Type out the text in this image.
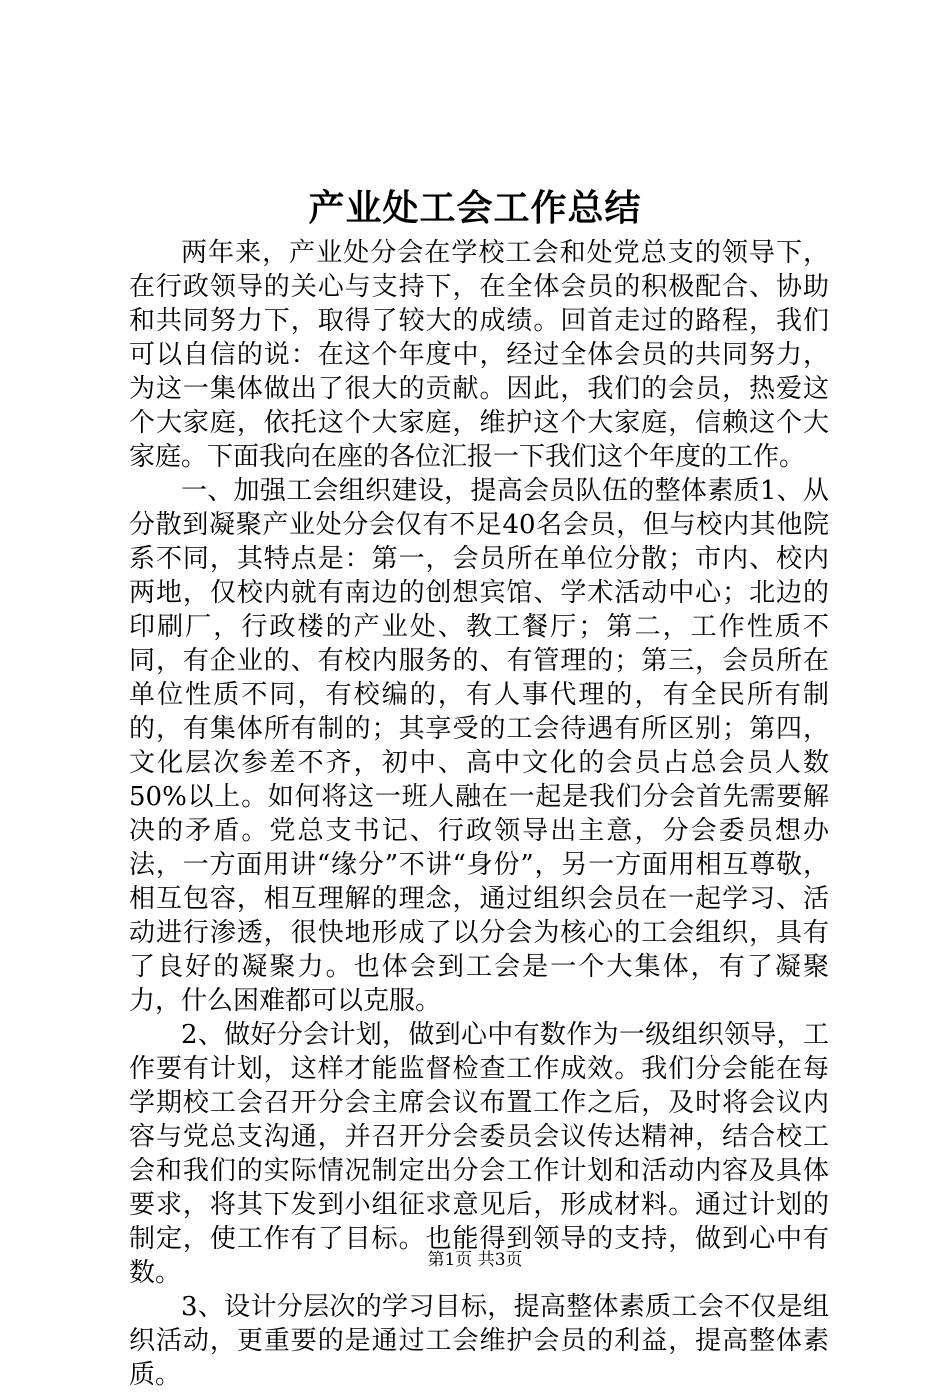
产业处工会工作总结

两年来，产业处分会在学校工会和处党总支的领导下，在行政领导的关心与支持下，在全体会员的积极配合、协助和共同努力下，取得了较大的成绩。回首走过的路程，我们可以自信的说：在这个年度中，经过全体会员的共同努力，为这一集体做出了很大的贡献。因此，我们的会员，热爱这个大家庭，依托这个大家庭，维护这个大家庭，信赖这个大家庭。下面我向在座的各位汇报一下我们这个年度的工作。

一、加强工会组织建设，提高会员队伍的整体素质1、从分散到凝聚产业处分会仅有不足40名会员，但与校内其他院系不同，其特点是：第一，会员所在单位分散；市内、校内两地，仅校内就有南边的创想宾馆、学术活动中心；北边的印刷厂，行政楼的产业处、教工餐厅；第二，工作性质不同，有企业的、有校内服务的、有管理的；第三，会员所在单位性质不同，有校编的，有人事代理的，有全民所有制的，有集体所有制的；其享受的工会待遇有所区别；第四，文化层次参差不齐，初中、高中文化的会员占总会员人数50%以上。如何将这一班人融在一起是我们分会首先需要解决的矛盾。党总支书记、行政领导出主意，分会委员想办法，一方面用讲“缘分”不讲“身份”，另一方面用相互尊敬，相互包容，相互理解的理念，通过组织会员在一起学习、活动进行渗透，很快地形成了以分会为核心的工会组织，具有了良好的凝聚力。也体会到工会是一个大集体，有了凝聚力，什么困难都可以克服。

2、做好分会计划，做到心中有数作为一级组织领导，工作要有计划，这样才能监督检查工作成效。我们分会能在每学期校工会召开分会主席会议布置工作之后，及时将会议内容与党总支沟通，并召开分会委员会议传达精神，结合校工会和我们的实际情况制定出分会工作计划和活动内容及具体要求，将其下发到小组征求意见后，形成材料。通过计划的制定，使工作有了目标。也能得到领导的支持，做到心中有数。

3、设计分层次的学习目标，提高整体素质工会不仅是组织活动，更重要的是通过工会维护会员的利益，提高整体素质。

第1页 共3页
